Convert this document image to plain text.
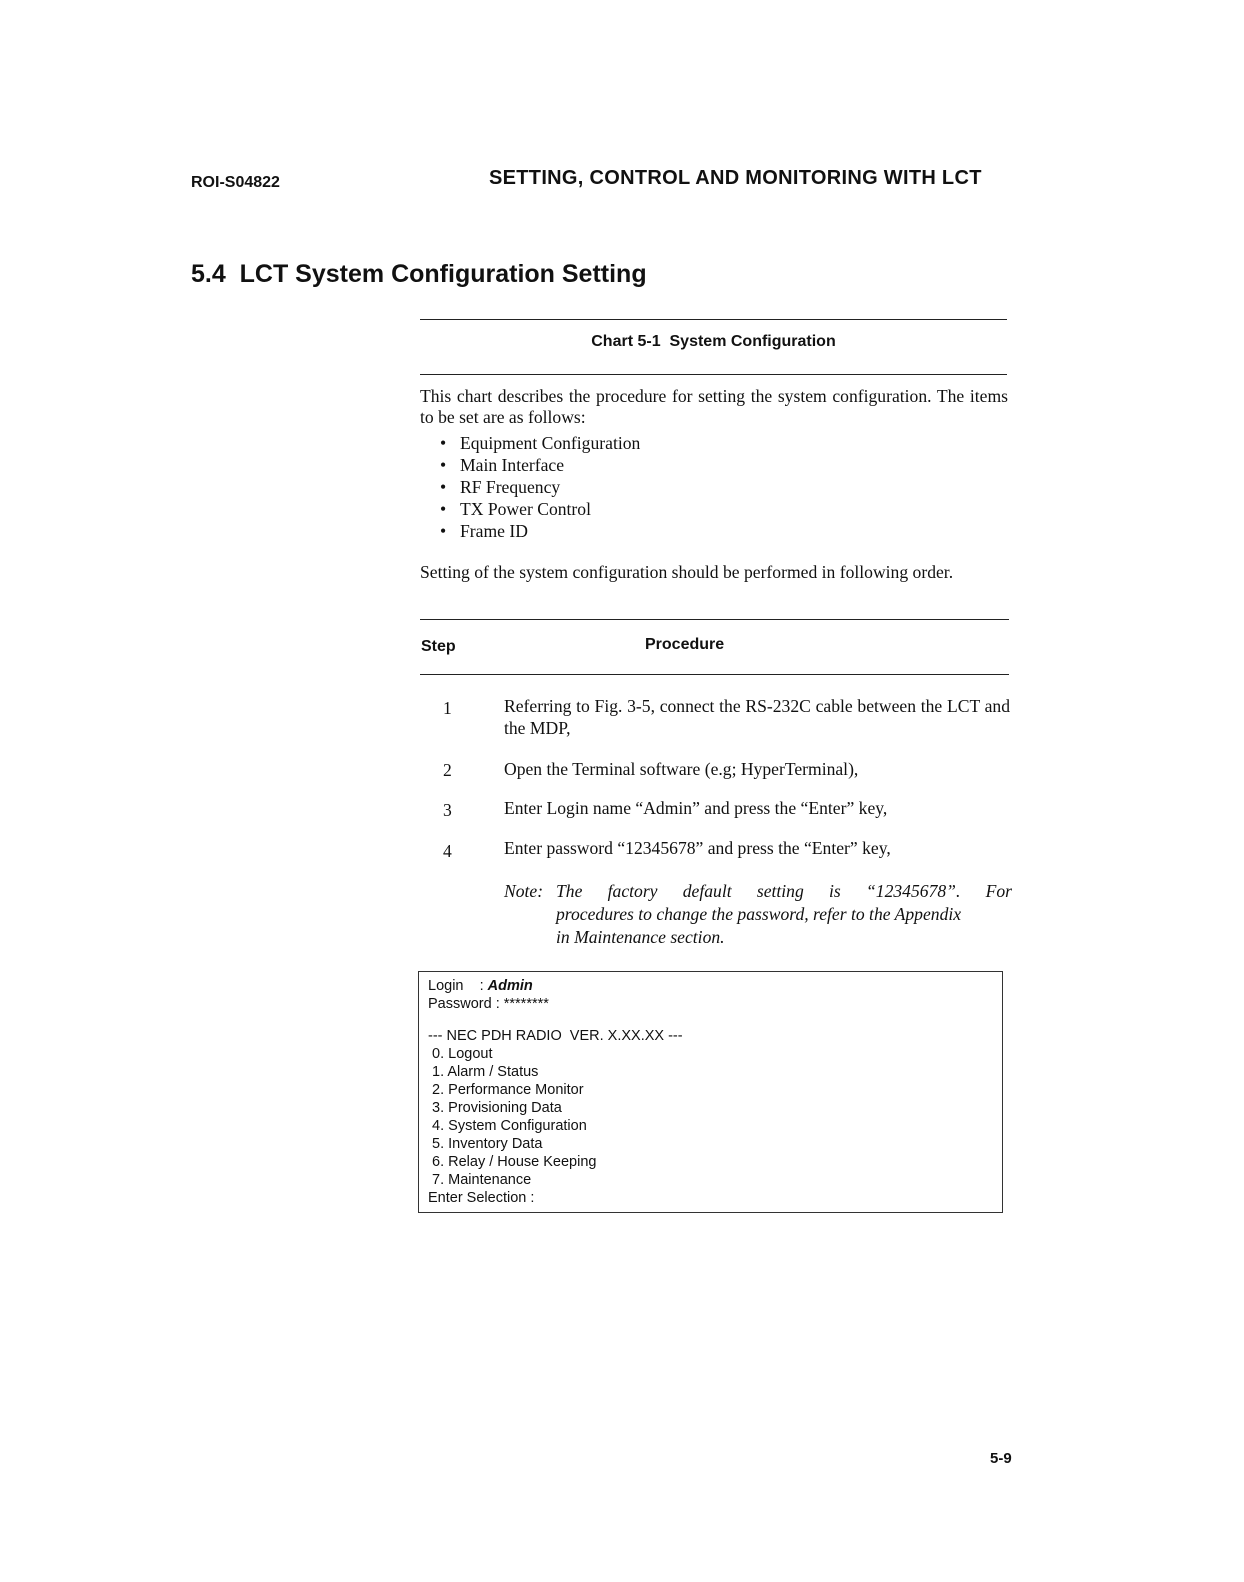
ROI-S04822	SETTING, CONTROL AND MONITORING WITH LCT
5.4  LCT System Configuration Setting
Chart 5-1  System Configuration
This chart describes the procedure for setting the system configuration. The items to be set are as follows:
• Equipment Configuration
• Main Interface
• RF Frequency
• TX Power Control
• Frame ID
Setting of the system configuration should be performed in following order.
Step	Procedure
1	Referring to Fig. 3-5, connect the RS-232C cable between the LCT and the MDP,
2	Open the Terminal software (e.g; HyperTerminal),
3	Enter Login name “Admin” and press the “Enter” key,
4	Enter password “12345678” and press the “Enter” key,
Note: The factory default setting is “12345678”. For
procedures to change the password, refer to the Appendix
in Maintenance section.
Login    : Admin
Password : ********
--- NEC PDH RADIO  VER. X.XX.XX ---
0. Logout
1. Alarm / Status
2. Performance Monitor
3. Provisioning Data
4. System Configuration
5. Inventory Data
6. Relay / House Keeping
7. Maintenance
Enter Selection :
5-9
